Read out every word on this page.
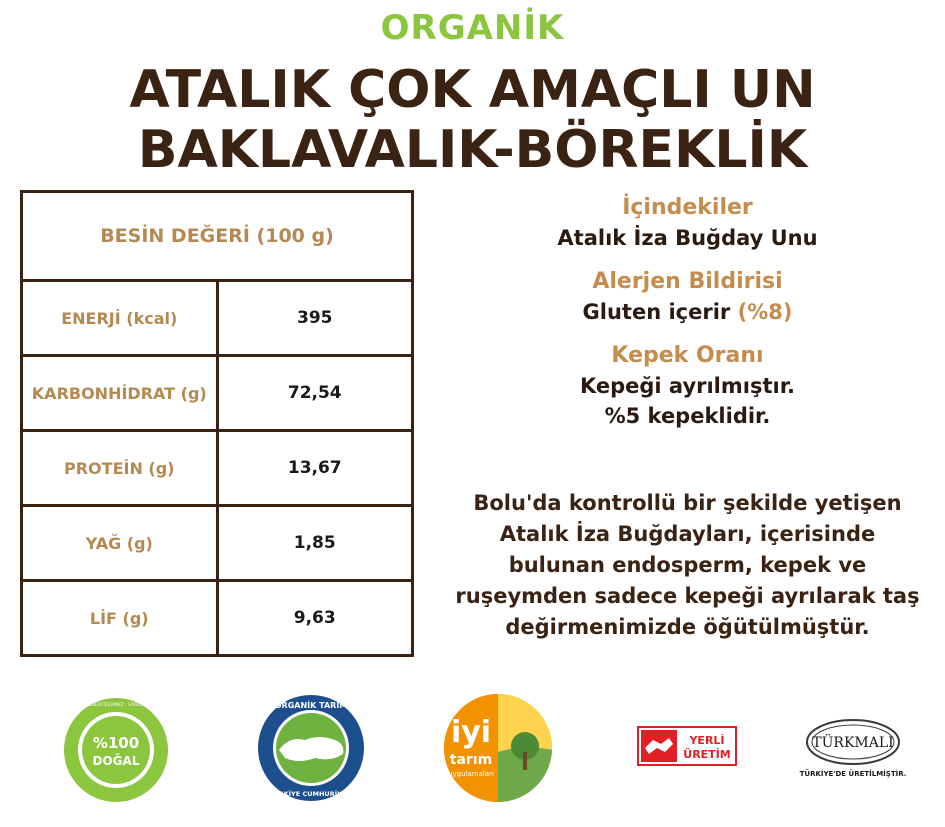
ORGANİK
ATALIK ÇOK AMAÇLI UN
BAKLAVALIK-BÖREKLİK
BESİN DEĞERİ (100 g)	
ENERJİ (kcal)	395
KARBONHİDRAT (g)	72,54
PROTEİN (g)	13,67
YAĞ (g)	1,85
LİF (g)	9,63
İçindekiler
Atalık İza Buğday Unu
Alerjen Bildirisi
Gluten içerir (%8)
Kepek Oranı
Kepeği ayrılmıştır.
%5 kepeklidir.
Bolu'da kontrollü bir şekilde yetişen
Atalık İza Buğdayları, içerisinde
bulunan endosperm, kepek ve
ruşeymden sadece kepeği ayrılarak taş
değirmenimizde öğütülmüştür.
%100
DOĞAL
KOLESTEROL KATKI MADDESİ İÇERMEZ · SAĞLIKLI VE GÜVENİLİR ÜRÜN	ORGANİK TARIM
TÜRKİYE CUMHURİYETİ
iyi
tarım
uygulamaları
YERLİ
ÜRETİM
TÜRKMALI
TÜRKİYE'DE ÜRETİLMİŞTİR.
